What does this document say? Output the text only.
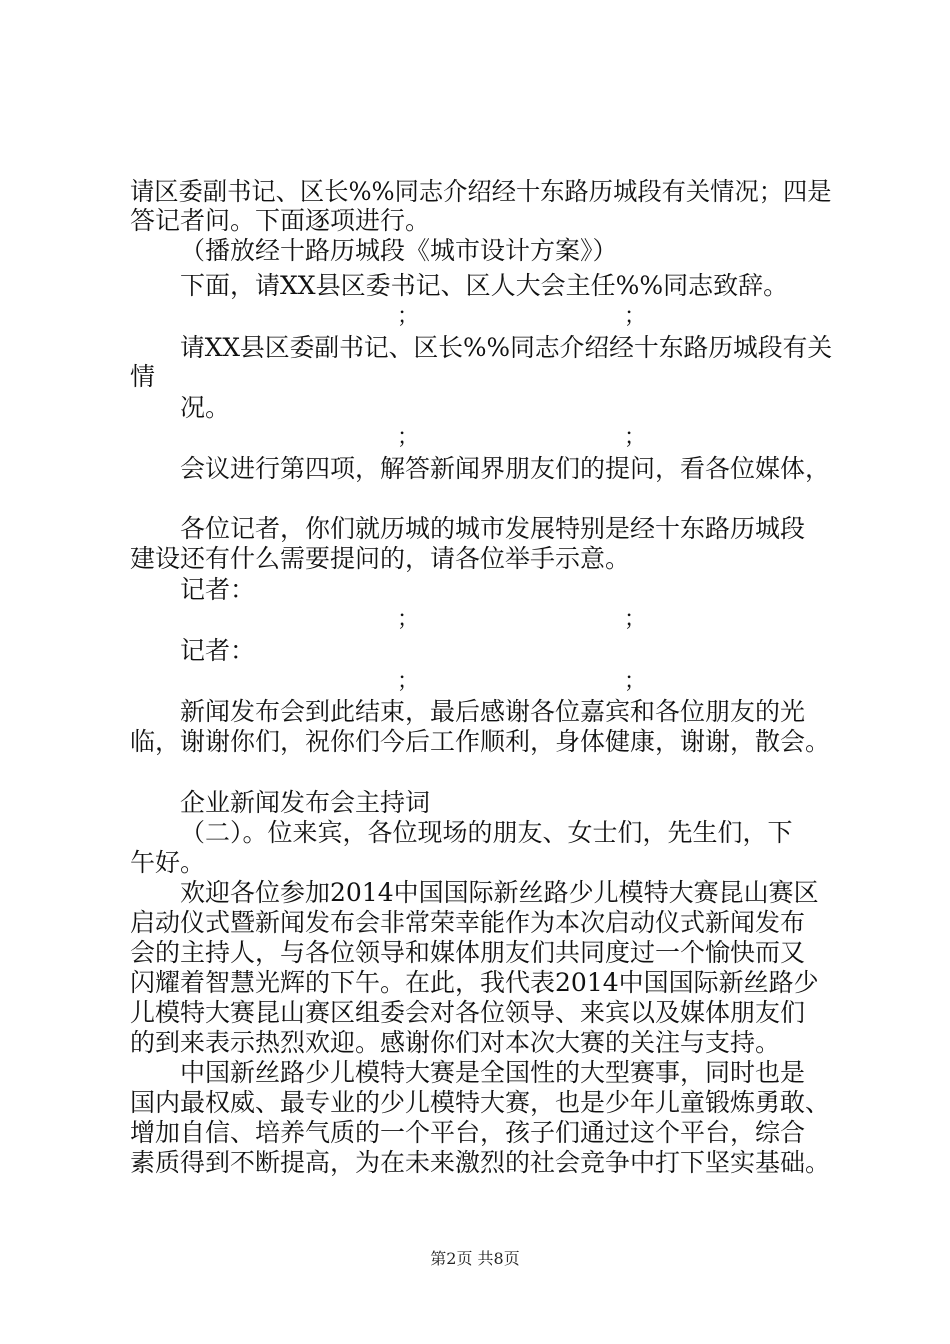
请区委副书记、区长%%同志介绍经十东路历城段有关情况；四是
答记者问。下面逐项进行。
（播放经十路历城段《城市设计方案》）
下面，请XX县区委书记、区人大会主任%%同志致辞。
；	；
请XX县区委副书记、区长%%同志介绍经十东路历城段有关
情
况。
；	；
会议进行第四项，解答新闻界朋友们的提问，看各位媒体，
各位记者，你们就历城的城市发展特别是经十东路历城段
建设还有什么需要提问的，请各位举手示意。
记者：
；	；
记者：
；	；
新闻发布会到此结束，最后感谢各位嘉宾和各位朋友的光
临，谢谢你们，祝你们今后工作顺利，身体健康，谢谢，散会。
企业新闻发布会主持词
（二）。位来宾，各位现场的朋友、女士们，先生们，下
午好。
欢迎各位参加2014中国国际新丝路少儿模特大赛昆山赛区
启动仪式暨新闻发布会非常荣幸能作为本次启动仪式新闻发布
会的主持人，与各位领导和媒体朋友们共同度过一个愉快而又
闪耀着智慧光辉的下午。在此，我代表2014中国国际新丝路少
儿模特大赛昆山赛区组委会对各位领导、来宾以及媒体朋友们
的到来表示热烈欢迎。感谢你们对本次大赛的关注与支持。
中国新丝路少儿模特大赛是全国性的大型赛事，同时也是
国内最权威、最专业的少儿模特大赛，也是少年儿童锻炼勇敢、
增加自信、培养气质的一个平台，孩子们通过这个平台，综合
素质得到不断提高，为在未来激烈的社会竞争中打下坚实基础。
第2页 共8页
